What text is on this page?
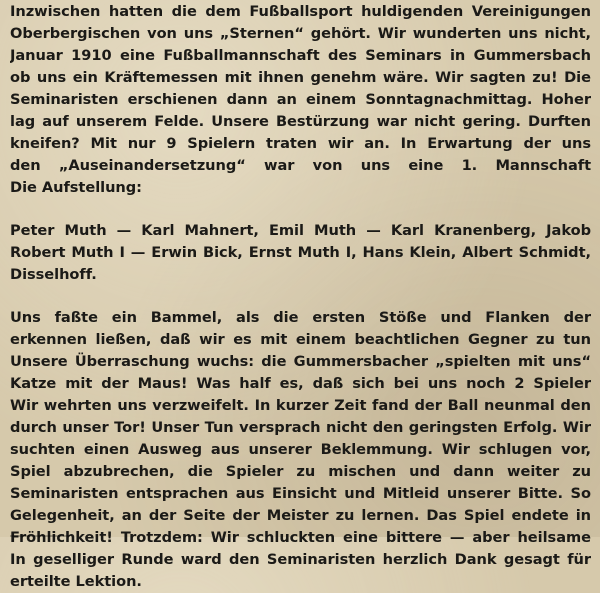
Inzwischen hatten die dem Fußballsport huldigenden Vereinigungen
Oberbergischen von uns „Sternen“ gehört. Wir wunderten uns nicht,
Januar 1910 eine Fußballmannschaft des Seminars in Gummersbach
ob uns ein Kräftemessen mit ihnen genehm wäre. Wir sagten zu! Die
Seminaristen erschienen dann an einem Sonntagnachmittag. Hoher
lag auf unserem Felde. Unsere Bestürzung war nicht gering. Durften
kneifen? Mit nur 9 Spielern traten wir an. In Erwartung der uns
den „Auseinandersetzung“ war von uns eine 1. Mannschaft
Die Aufstellung:
Peter Muth — Karl Mahnert, Emil Muth — Karl Kranenberg, Jakob
Robert Muth I — Erwin Bick, Ernst Muth I, Hans Klein, Albert Schmidt,
Disselhoff.
Uns faßte ein Bammel, als die ersten Stöße und Flanken der
erkennen ließen, daß wir es mit einem beachtlichen Gegner zu tun
Unsere Überraschung wuchs: die Gummersbacher „spielten mit uns“
Katze mit der Maus! Was half es, daß sich bei uns noch 2 Spieler
Wir wehrten uns verzweifelt. In kurzer Zeit fand der Ball neunmal den
durch unser Tor! Unser Tun versprach nicht den geringsten Erfolg. Wir
suchten einen Ausweg aus unserer Beklemmung. Wir schlugen vor,
Spiel abzubrechen, die Spieler zu mischen und dann weiter zu
Seminaristen entsprachen aus Einsicht und Mitleid unserer Bitte. So
Gelegenheit, an der Seite der Meister zu lernen. Das Spiel endete in
Fröhlichkeit! Trotzdem: Wir schluckten eine bittere — aber heilsame
In geselliger Runde ward den Seminaristen herzlich Dank gesagt für
erteilte Lektion.
